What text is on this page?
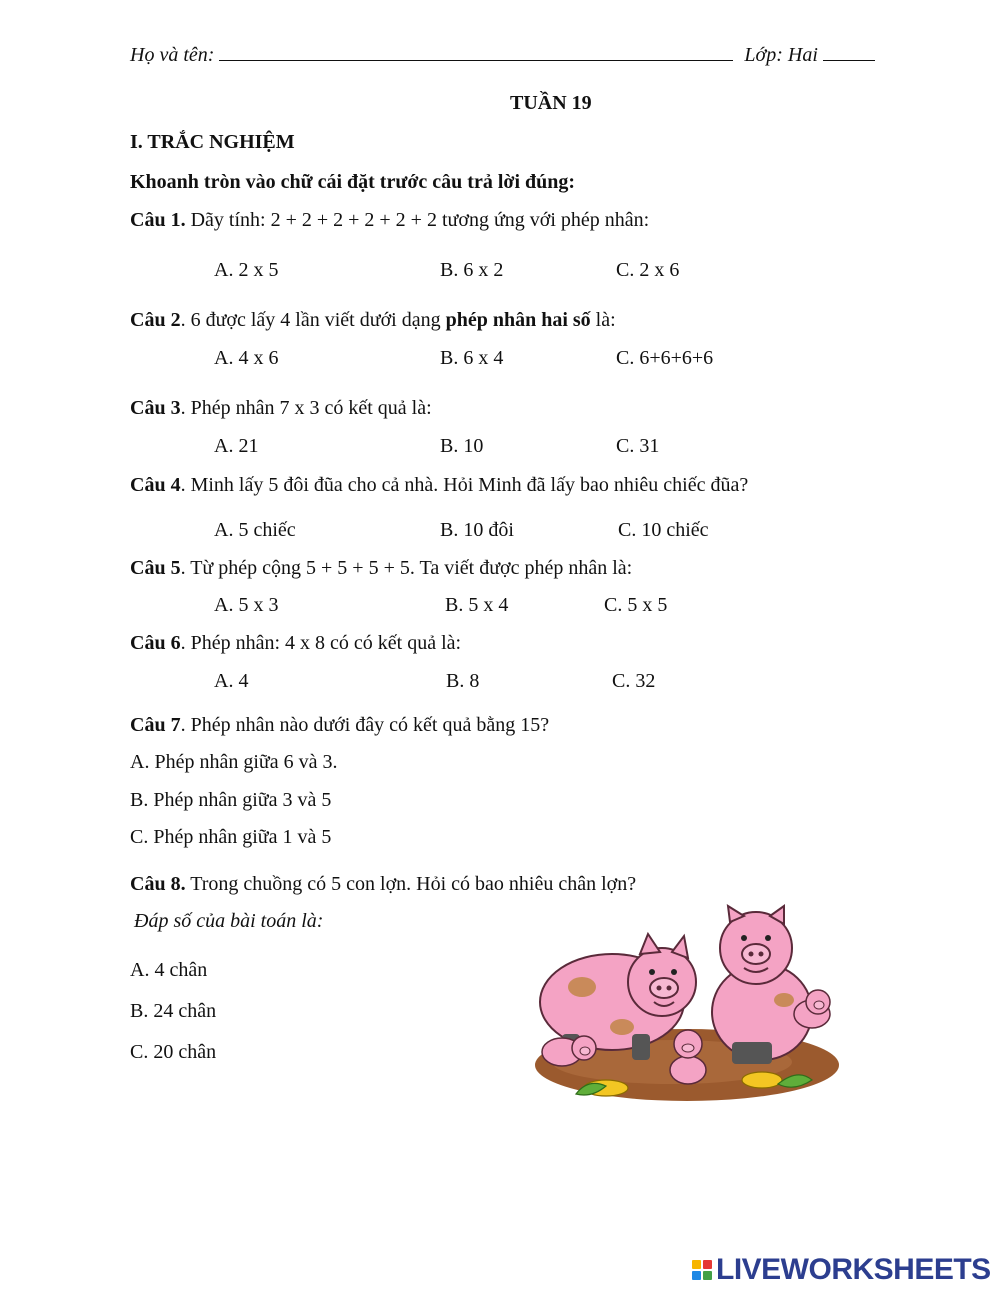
Họ và tên:	Lớp: Hai
TUẦN 19
I. TRẮC NGHIỆM
Khoanh tròn vào chữ cái đặt trước câu trả lời đúng:
Câu 1. Dãy tính: 2 + 2 + 2 + 2 + 2 + 2 tương ứng với phép nhân:
A. 2 x 5	B. 6 x 2	C. 2 x 6
Câu 2. 6 được lấy 4 lần viết dưới dạng phép nhân hai số là:
A. 4 x 6	B. 6 x 4	C. 6+6+6+6
Câu 3. Phép nhân 7 x 3 có kết quả là:
A. 21	B. 10	C. 31
Câu 4. Minh lấy 5 đôi đũa cho cả nhà. Hỏi Minh đã lấy bao nhiêu chiếc đũa?
A. 5 chiếc	B. 10 đôi	C. 10 chiếc
Câu 5. Từ phép cộng 5 + 5 + 5 + 5. Ta viết được phép nhân là:
A. 5 x 3	B. 5 x 4	C. 5 x 5
Câu 6. Phép nhân: 4 x 8 có có kết quả là:
A. 4	B. 8	C. 32
Câu 7. Phép nhân nào dưới đây có kết quả bằng 15?
A. Phép nhân giữa 6 và 3.
B. Phép nhân giữa 3 và 5
C. Phép nhân giữa 1 và 5
Câu 8. Trong chuồng có 5 con lợn. Hỏi có bao nhiêu chân lợn?
Đáp số của bài toán là:
A. 4 chân
B. 24 chân
C. 20 chân
LIVEWORKSHEETS
